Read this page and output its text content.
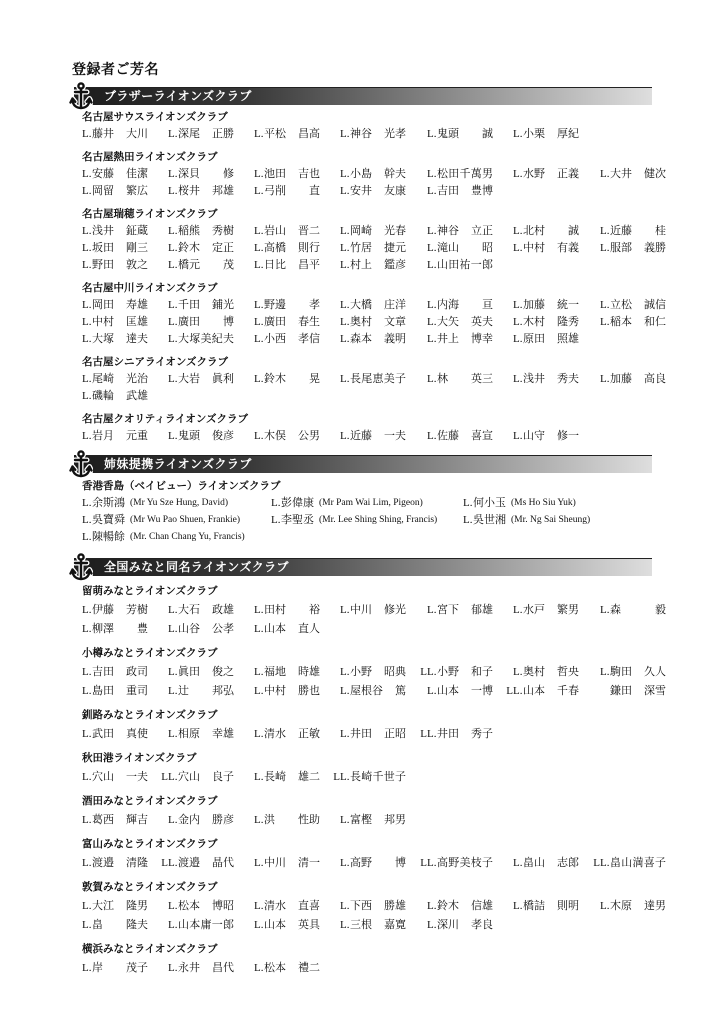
登録者ご芳名
ブラザーライオンズクラブ
名古屋サウスライオンズクラブ
L. 藤井 大川 L. 深尾 正勝 L. 平松 昌高 L. 神谷 光孝 L. 鬼頭 誠 L. 小栗 厚紀
名古屋熱田ライオンズクラブ
L. 安藤 佳潔 L. 深貝 修 L. 池田 吉也 L. 小島 幹夫 L. 松田千萬男 L. 水野 正義 L. 大井 健次
L. 岡留 繁広 L. 桜井 邦雄 L. 弓削 直 L. 安井 友康 L. 吉田 豊博
名古屋瑞穂ライオンズクラブ
L. 浅井 鉦蔵 L. 稲熊 秀樹 L. 岩山 晋二 L. 岡崎 光春 L. 神谷 立正 L. 北村 誠 L. 近藤 桂
L. 坂田 剛三 L. 鈴木 定正 L. 高橋 則行 L. 竹居 捷元 L. 滝山 昭 L. 中村 有義 L. 服部 義勝
L. 野田 敦之 L. 橋元 茂 L. 日比 昌平 L. 村上 鑑彦 L. 山田祐一郎
名古屋中川ライオンズクラブ
L. 岡田 寿雄 L. 千田 鋪光 L. 野邊 孝 L. 大橋 庄洋 L. 内海 亘 L. 加藤 統一 L. 立松 誠信
L. 中村 匡雄 L. 廣田 博 L. 廣田 春生 L. 奥村 文章 L. 大矢 英夫 L. 木村 隆秀 L. 稲本 和仁
L. 大塚 達夫 L. 大塚美紀夫 L. 小西 孝信 L. 森本 義明 L. 井上 博幸 L. 原田 照雄
名古屋シニアライオンズクラブ
L. 尾崎 光治 L. 大岩 眞利 L. 鈴木 晃 L. 長尾恵美子 L. 林 英三 L. 浅井 秀夫 L. 加藤 高良
L. 磯輪 武雄
名古屋クオリティライオンズクラブ
L. 岩月 元重 L. 鬼頭 俊彦 L. 木俣 公男 L. 近藤 一夫 L. 佐藤 喜宣 L. 山守 修一
姉妹提携ライオンズクラブ
香港香島（ベイビュー）ライオンズクラブ
L. 余斯鴻 (Mr Yu Sze Hung, David)	L. 彭偉康 (Mr Pam Wai Lim, Pigeon)	L. 何小玉 (Ms Ho Siu Yuk)
L. 吳寶舜 (Mr Wu Pao Shuen, Frankie)	L. 李聖丞 (Mr. Lee Shing Shing, Francis) L. 吳世湘 (Mr. Ng Sai Sheung)
L. 陳暢餘 (Mr. Chan Chang Yu, Francis)
全国みなと同名ライオンズクラブ
留萌みなとライオンズクラブ
L. 伊藤 芳樹 L. 大石 政雄 L. 田村 裕 L. 中川 修光 L. 宮下 郁雄 L. 水戸 繁男 L. 森	毅
L. 柳澤 豊 L. 山谷 公孝 L. 山本 直人
小樽みなとライオンズクラブ
L. 吉田 政司 L. 眞田 俊之 L. 福地 時雄 L. 小野 昭典 LL. 小野 和子 L. 奥村 哲央 L. 駒田 久人
L. 島田 重司 L. 辻 邦弘 L. 中村 勝也 L. 屋根谷 篤 L. 山本 一博 LL. 山本 千春	鎌田 深雪
釧路みなとライオンズクラブ
L. 武田 真使 L. 相原 幸雄 L. 清水 正敏 L. 井田 正昭 LL. 井田 秀子
秋田港ライオンズクラブ
L. 穴山 一夫 LL. 穴山 良子 L. 長崎 雄二 LL. 長崎千世子
酒田みなとライオンズクラブ
L. 葛西 輝吉 L. 金内 勝彦 L. 洪 性助 L. 富樫 邦男
富山みなとライオンズクラブ
L. 渡邉 清隆 LL. 渡邉 晶代 L. 中川 清一 L. 高野 博 LL. 高野美枝子 L. 畠山 志郎 LL. 畠山満喜子
敦賀みなとライオンズクラブ
L. 大江 隆男 L. 松本 博昭 L. 清水 直喜 L. 下西 勝雄 L. 鈴木 信雄 L. 橋詰 則明 L. 木原 達男
L. 畠 隆夫 L. 山本庸一郎 L. 山本 英具 L. 三根 嘉寛 L. 深川 孝良
横浜みなとライオンズクラブ
L. 岸 茂子 L. 永井 昌代 L. 松本 禮二
